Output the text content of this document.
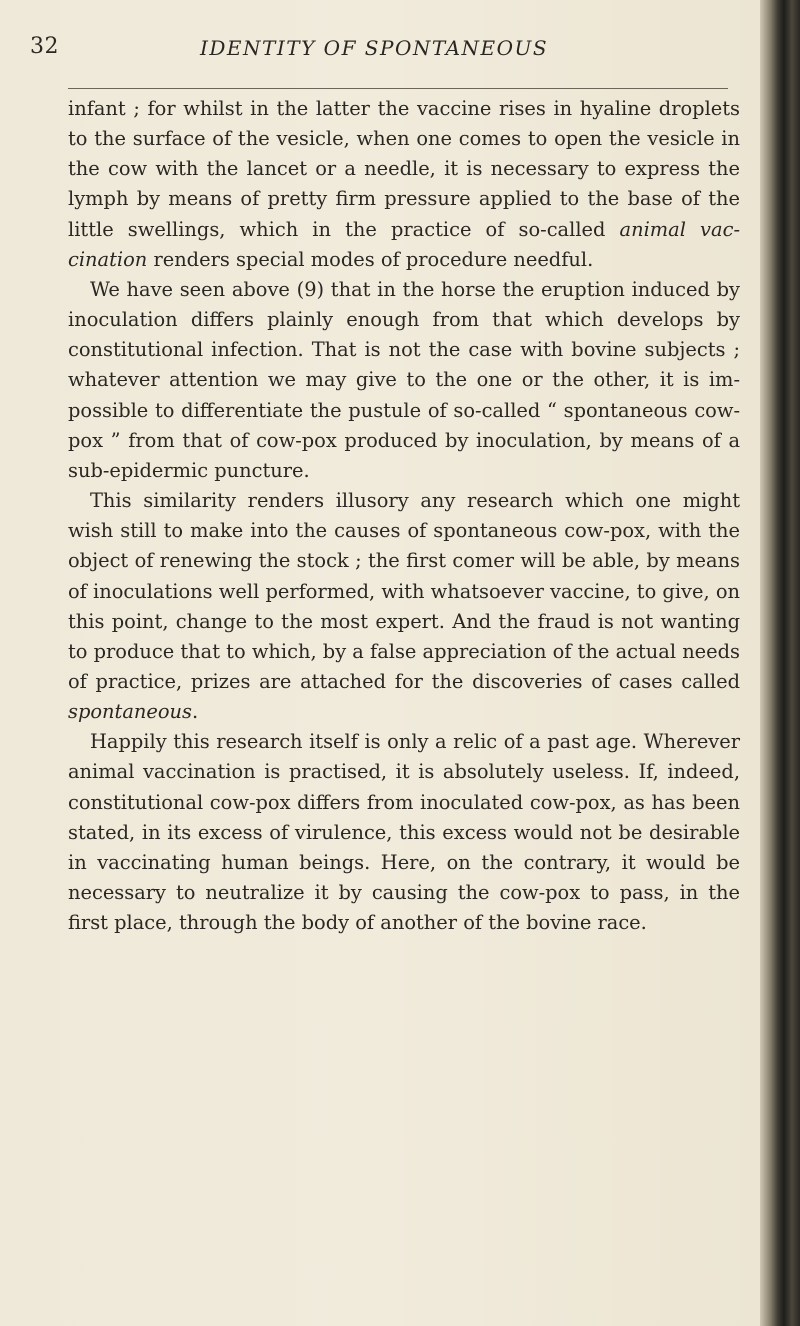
32	IDENTITY OF SPONTANEOUS

infant ; for whilst in the latter the vaccine rises in hyaline droplets to the surface of the vesicle, when one comes to open the vesicle in the cow with the lancet or a needle, it is necessary to express the lymph by means of pretty firm pressure applied to the base of the little swellings, which in the practice of so-called animal vaccination renders special modes of procedure needful.

We have seen above (9) that in the horse the eruption induced by inoculation differs plainly enough from that which develops by constitutional infection. That is not the case with bovine subjects ; whatever attention we may give to the one or the other, it is impossible to differentiate the pustule of so-called “ spontaneous cow-pox ” from that of cow-pox produced by inoculation, by means of a sub-epidermic puncture.

This similarity renders illusory any research which one might wish still to make into the causes of spontaneous cow-pox, with the object of renewing the stock ; the first comer will be able, by means of inoculations well performed, with whatsoever vaccine, to give, on this point, change to the most expert. And the fraud is not wanting to produce that to which, by a false appreciation of the actual needs of practice, prizes are attached for the discoveries of cases called spontaneous.

Happily this research itself is only a relic of a past age. Wherever animal vaccination is practised, it is absolutely useless. If, indeed, constitutional cow-pox differs from inoculated cow-pox, as has been stated, in its excess of virulence, this excess would not be desirable in vaccinating human beings. Here, on the contrary, it would be necessary to neutralize it by causing the cow-pox to pass, in the first place, through the body of another of the bovine race.
